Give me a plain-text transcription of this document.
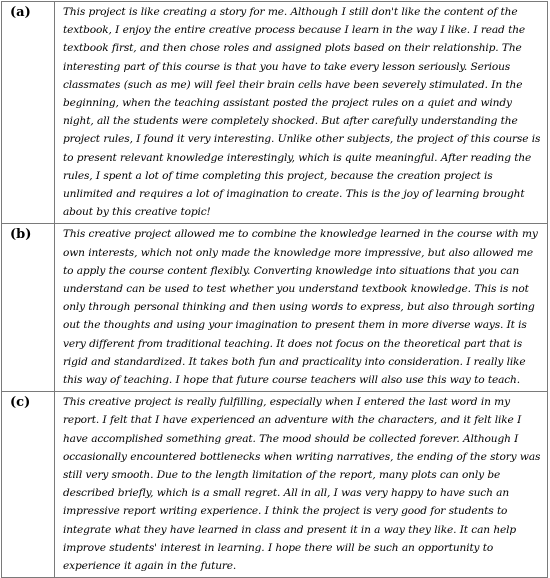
(a)	This project is like creating a story for me. Although I still don't like the content of the textbook, I enjoy the entire creative process because I learn in the way I like. I read the textbook first, and then chose roles and assigned plots based on their relationship. The interesting part of this course is that you have to take every lesson seriously. Serious classmates (such as me) will feel their brain cells have been severely stimulated. In the beginning, when the teaching assistant posted the project rules on a quiet and windy night, all the students were completely shocked. But after carefully understanding the project rules, I found it very interesting. Unlike other subjects, the project of this course is to present relevant knowledge interestingly, which is quite meaningful. After reading the rules, I spent a lot of time completing this project, because the creation project is unlimited and requires a lot of imagination to create. This is the joy of learning brought about by this creative topic!

(b)	This creative project allowed me to combine the knowledge learned in the course with my own interests, which not only made the knowledge more impressive, but also allowed me to apply the course content flexibly. Converting knowledge into situations that you can understand can be used to test whether you understand textbook knowledge. This is not only through personal thinking and then using words to express, but also through sorting out the thoughts and using your imagination to present them in more diverse ways. It is very different from traditional teaching. It does not focus on the theoretical part that is rigid and standardized. It takes both fun and practicality into consideration. I really like this way of teaching. I hope that future course teachers will also use this way to teach.

(c)	This creative project is really fulfilling, especially when I entered the last word in my report. I felt that I have experienced an adventure with the characters, and it felt like I have accomplished something great. The mood should be collected forever. Although I occasionally encountered bottlenecks when writing narratives, the ending of the story was still very smooth. Due to the length limitation of the report, many plots can only be described briefly, which is a small regret. All in all, I was very happy to have such an impressive report writing experience. I think the project is very good for students to integrate what they have learned in class and present it in a way they like. It can help improve students' interest in learning. I hope there will be such an opportunity to experience it again in the future.
